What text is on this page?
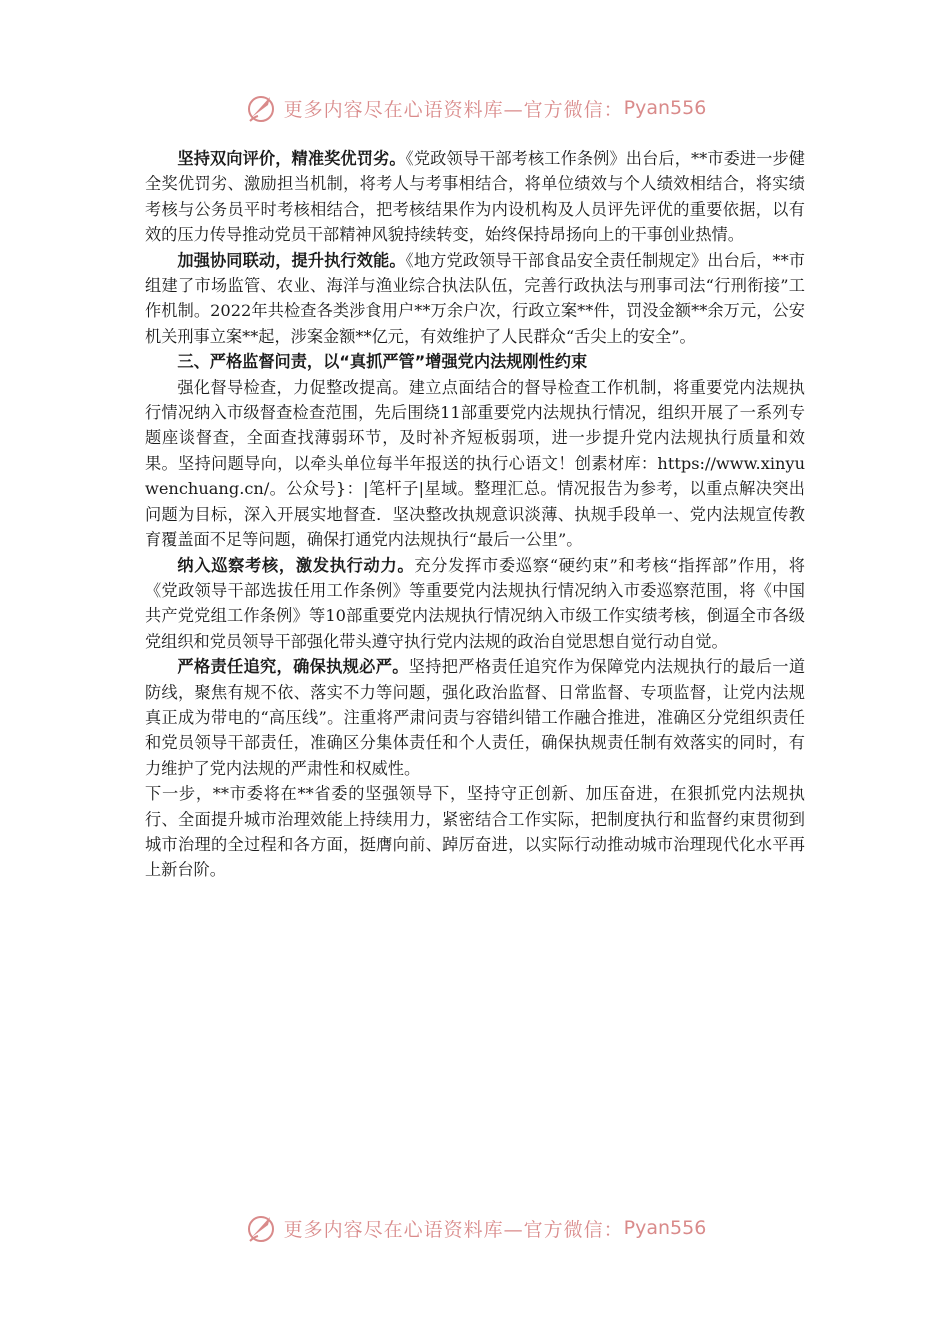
更多内容尽在心语资料库—官方微信： Pyan556

坚持双向评价，精准奖优罚劣。《党政领导干部考核工作条例》出台后，**市委进一步健全奖优罚劣、激励担当机制，将考人与考事相结合，将单位绩效与个人绩效相结合，将实绩考核与公务员平时考核相结合，把考核结果作为内设机构及人员评先评优的重要依据，以有效的压力传导推动党员干部精神风貌持续转变，始终保持昂扬向上的干事创业热情。

加强协同联动，提升执行效能。《地方党政领导干部食品安全责任制规定》出台后，**市组建了市场监管、农业、海洋与渔业综合执法队伍，完善行政执法与刑事司法“行刑衔接”工作机制。2022年共检查各类涉食用户**万余户次，行政立案**件，罚没金额**余万元，公安机关刑事立案**起，涉案金额**亿元，有效维护了人民群众“舌尖上的安全”。

三、严格监督问责，以“真抓严管”增强党内法规刚性约束

强化督导检查，力促整改提高。建立点面结合的督导检查工作机制，将重要党内法规执行情况纳入市级督查检查范围，先后围绕11部重要党内法规执行情况，组织开展了一系列专题座谈督查，全面查找薄弱环节，及时补齐短板弱项，进一步提升党内法规执行质量和效果。坚持问题导向，以牵头单位每半年报送的执行心语文！创素材库：https://www.xinyuwenchuang.cn/。公众号}：|笔杆子|星域。整理汇总。情况报告为参考，以重点解决突出问题为目标，深入开展实地督查．坚决整改执规意识淡薄、执规手段单一、党内法规宣传教育覆盖面不足等问题，确保打通党内法规执行“最后一公里”。

纳入巡察考核，激发执行动力。充分发挥市委巡察“硬约束”和考核“指挥部”作用，将《党政领导干部选拔任用工作条例》等重要党内法规执行情况纳入市委巡察范围，将《中国共产党党组工作条例》等10部重要党内法规执行情况纳入市级工作实绩考核，倒逼全市各级党组织和党员领导干部强化带头遵守执行党内法规的政治自觉思想自觉行动自觉。

严格责任追究，确保执规必严。坚持把严格责任追究作为保障党内法规执行的最后一道防线，聚焦有规不依、落实不力等问题，强化政治监督、日常监督、专项监督，让党内法规真正成为带电的“高压线”。注重将严肃问责与容错纠错工作融合推进，准确区分党组织责任和党员领导干部责任，准确区分集体责任和个人责任，确保执规责任制有效落实的同时，有力维护了党内法规的严肃性和权威性。

下一步，**市委将在**省委的坚强领导下，坚持守正创新、加压奋进，在狠抓党内法规执行、全面提升城市治理效能上持续用力，紧密结合工作实际，把制度执行和监督约束贯彻到城市治理的全过程和各方面，挺膺向前、踔厉奋进，以实际行动推动城市治理现代化水平再上新台阶。

更多内容尽在心语资料库—官方微信： Pyan556
